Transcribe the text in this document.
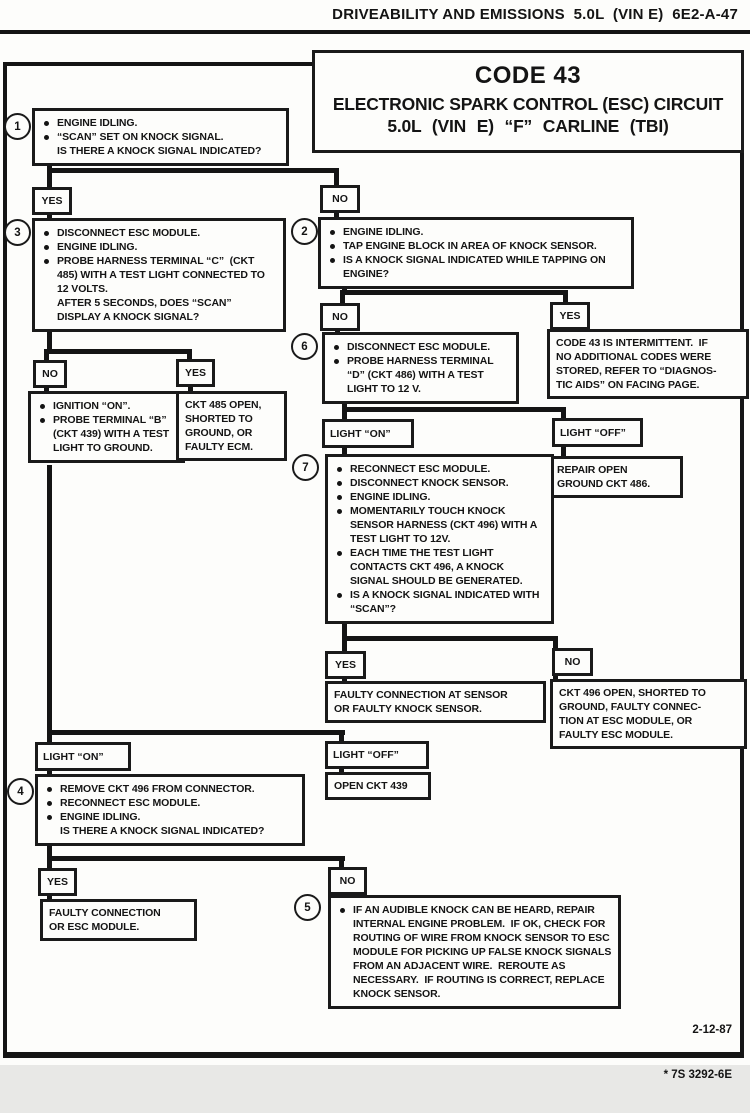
DRIVEABILITY AND EMISSIONS  5.0L  (VIN E)  6E2-A-47
CODE 43
ELECTRONIC SPARK CONTROL (ESC) CIRCUIT
5.0L (VIN E) “F” CARLINE (TBI)
1	ENGINE IDLING.
“SCAN” SET ON KNOCK SIGNAL.
IS THERE A KNOCK SIGNAL INDICATED?
YES	NO
3	DISCONNECT ESC MODULE.
ENGINE IDLING.
PROBE HARNESS TERMINAL “C”  (CKT 485) WITH A TEST LIGHT CONNECTED TO 12 VOLTS.
AFTER 5 SECONDS, DOES “SCAN” DISPLAY A KNOCK SIGNAL?
2	ENGINE IDLING.
TAP ENGINE BLOCK IN AREA OF KNOCK SENSOR.
IS A KNOCK SIGNAL INDICATED WHILE TAPPING ON ENGINE?
NO	YES
6	DISCONNECT ESC MODULE.
PROBE HARNESS TERMINAL “D” (CKT 486) WITH A TEST LIGHT TO 12 V.
CODE 43 IS INTERMITTENT.  IF
NO ADDITIONAL CODES WERE
STORED, REFER TO “DIAGNOS-
TIC AIDS” ON FACING PAGE.
LIGHT “ON”	LIGHT “OFF”
REPAIR OPEN
GROUND CKT 486.
7	RECONNECT ESC MODULE.
DISCONNECT KNOCK SENSOR.
ENGINE IDLING.
MOMENTARILY TOUCH KNOCK SENSOR HARNESS (CKT 496) WITH A TEST LIGHT TO 12V.
EACH TIME THE TEST LIGHT CONTACTS CKT 496, A KNOCK SIGNAL SHOULD BE GENERATED.
IS A KNOCK SIGNAL INDICATED WITH “SCAN”?
YES	NO
FAULTY CONNECTION AT SENSOR
OR FAULTY KNOCK SENSOR.
CKT 496 OPEN, SHORTED TO
GROUND, FAULTY CONNEC-
TION AT ESC MODULE, OR
FAULTY ESC MODULE.
NO	YES
IGNITION “ON”.
PROBE TERMINAL “B” (CKT 439) WITH A TEST LIGHT TO GROUND.
CKT 485 OPEN,
SHORTED TO
GROUND, OR
FAULTY ECM.
LIGHT “ON”	LIGHT “OFF”
OPEN CKT 439
4	REMOVE CKT 496 FROM CONNECTOR.
RECONNECT ESC MODULE.
ENGINE IDLING.
IS THERE A KNOCK SIGNAL INDICATED?
YES	NO
FAULTY CONNECTION
OR ESC MODULE.
5	IF AN AUDIBLE KNOCK CAN BE HEARD, REPAIR INTERNAL ENGINE PROBLEM.  IF OK, CHECK FOR ROUTING OF WIRE FROM KNOCK SENSOR TO ESC MODULE FOR PICKING UP FALSE KNOCK SIGNALS FROM AN ADJACENT WIRE.  REROUTE AS NECESSARY.  IF ROUTING IS CORRECT, REPLACE KNOCK SENSOR.

2-12-87

* 7S 3292-6E
